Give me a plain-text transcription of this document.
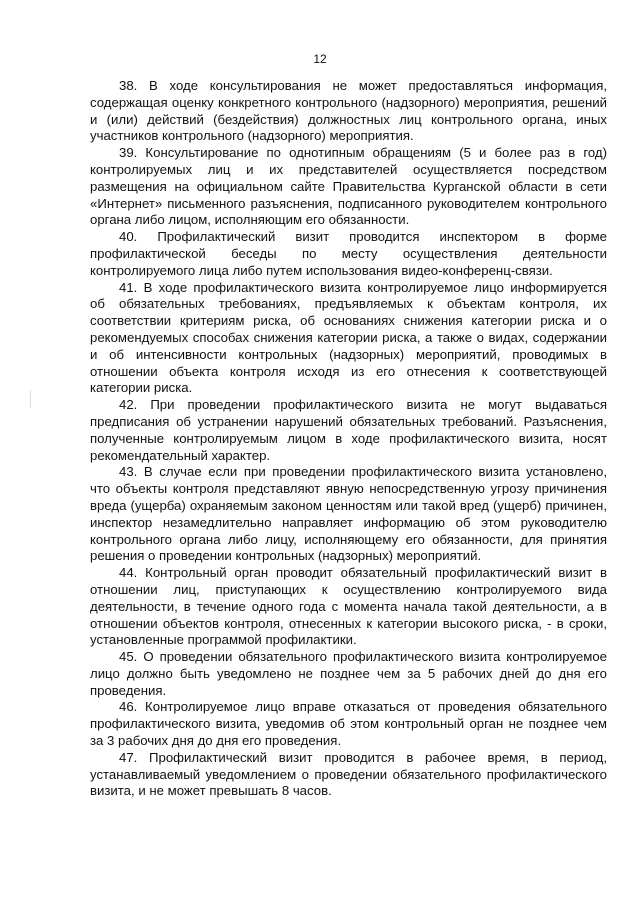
12

38. В ходе консультирования не может предоставляться информация, содержащая оценку конкретного контрольного (надзорного) мероприятия, решений и (или) действий (бездействия) должностных лиц контрольного органа, иных участников контрольного (надзорного) мероприятия.

39. Консультирование по однотипным обращениям (5 и более раз в год) контролируемых лиц и их представителей осуществляется посредством размещения на официальном сайте Правительства Курганской области в сети «Интернет» письменного разъяснения, подписанного руководителем контрольного органа либо лицом, исполняющим его обязанности.

40. Профилактический визит проводится инспектором в форме профилактической беседы по месту осуществления деятельности контролируемого лица либо путем использования видео-конференц-связи.

41. В ходе профилактического визита контролируемое лицо информируется об обязательных требованиях, предъявляемых к объектам контроля, их соответствии критериям риска, об основаниях снижения категории риска и о рекомендуемых способах снижения категории риска, а также о видах, содержании и об интенсивности контрольных (надзорных) мероприятий, проводимых в отношении объекта контроля исходя из его отнесения к соответствующей категории риска.

42. При проведении профилактического визита не могут выдаваться предписания об устранении нарушений обязательных требований. Разъяснения, полученные контролируемым лицом в ходе профилактического визита, носят рекомендательный характер.

43. В случае если при проведении профилактического визита установлено, что объекты контроля представляют явную непосредственную угрозу причинения вреда (ущерба) охраняемым законом ценностям или такой вред (ущерб) причинен, инспектор незамедлительно направляет информацию об этом руководителю контрольного органа либо лицу, исполняющему его обязанности, для принятия решения о проведении контрольных (надзорных) мероприятий.

44. Контрольный орган проводит обязательный профилактический визит в отношении лиц, приступающих к осуществлению контролируемого вида деятельности, в течение одного года с момента начала такой деятельности, а в отношении объектов контроля, отнесенных к категории высокого риска, - в сроки, установленные программой профилактики.

45. О проведении обязательного профилактического визита контролируемое лицо должно быть уведомлено не позднее чем за 5 рабочих дней до дня его проведения.

46. Контролируемое лицо вправе отказаться от проведения обязательного профилактического визита, уведомив об этом контрольный орган не позднее чем за 3 рабочих дня до дня его проведения.

47. Профилактический визит проводится в рабочее время, в период, устанавливаемый уведомлением о проведении обязательного профилактического визита, и не может превышать 8 часов.
